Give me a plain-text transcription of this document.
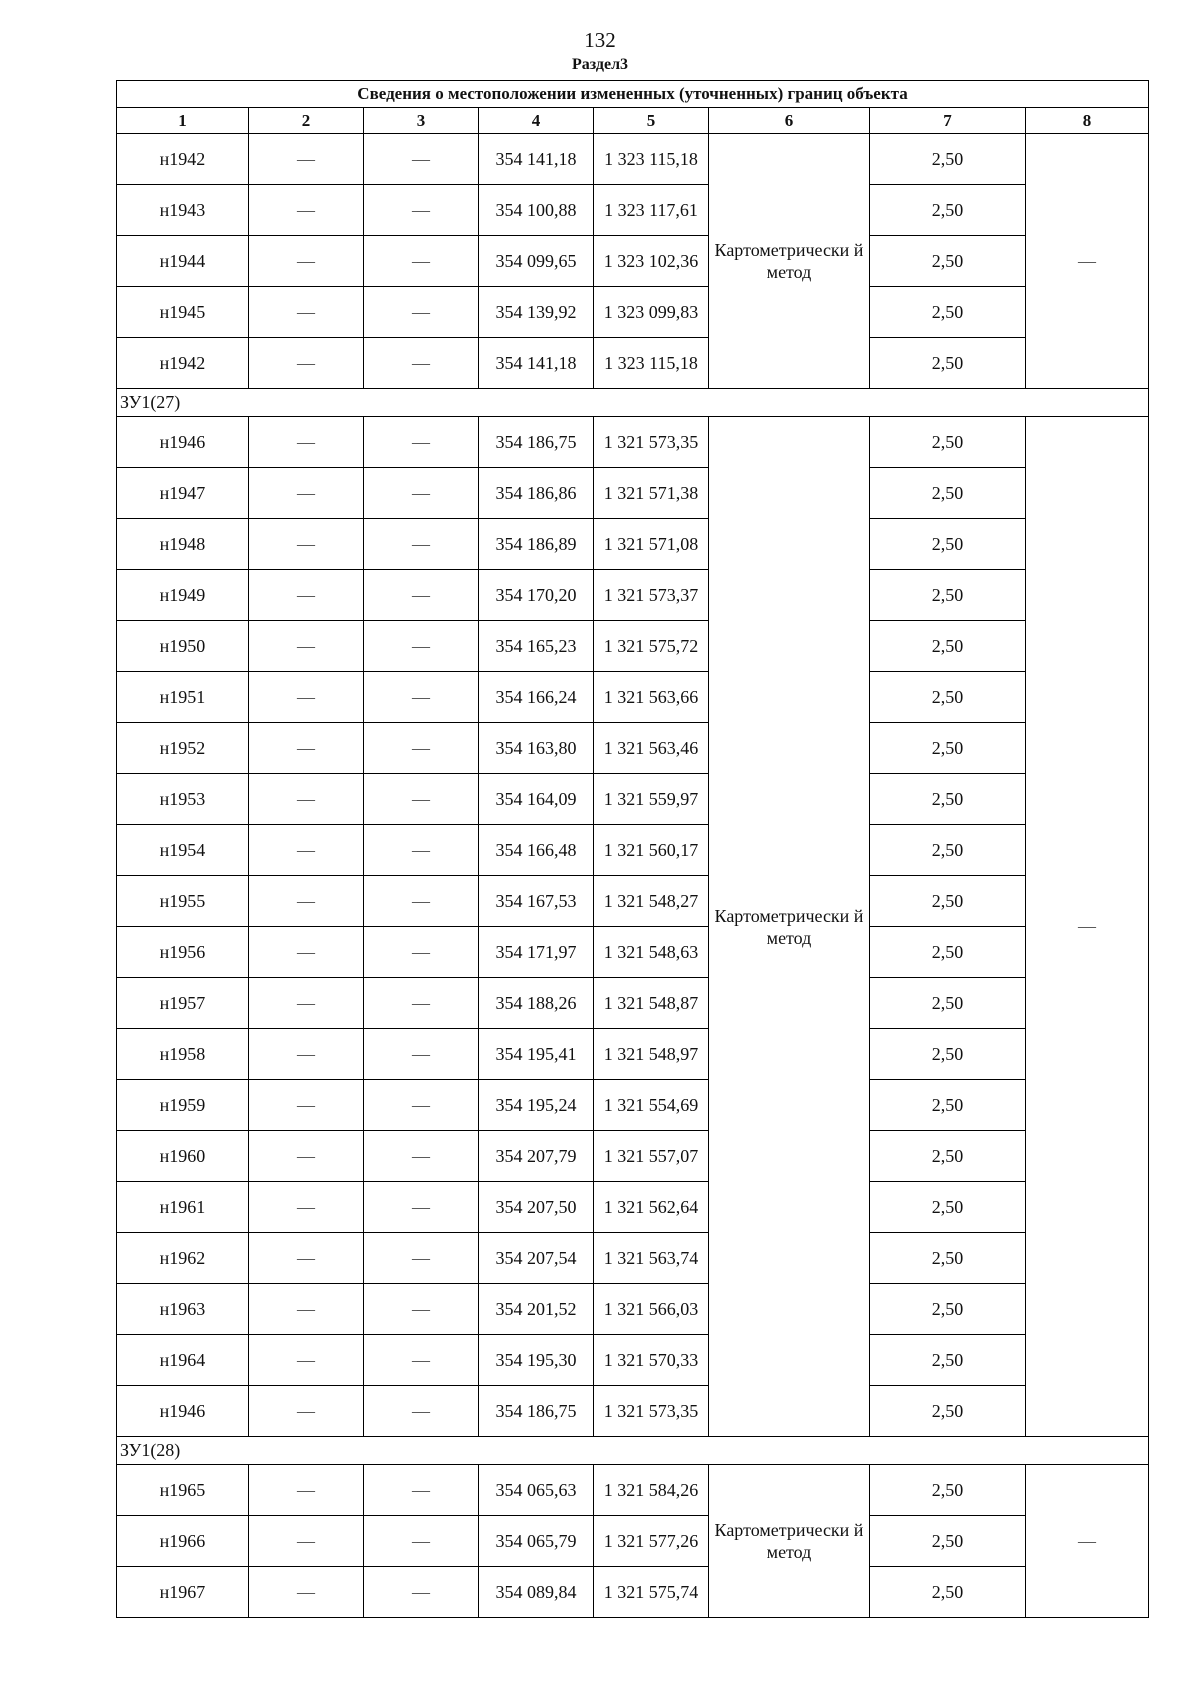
132
Раздел3
Сведения о местоположении измененных (уточненных) границ объекта							
1	2	3	4	5	6	7	8
н1942	—	—	354 141,18	1 323 115,18	Картометрически й метод	2,50	—
н1943	—	—	354 100,88	1 323 117,61		2,50	
н1944	—	—	354 099,65	1 323 102,36		2,50	
н1945	—	—	354 139,92	1 323 099,83		2,50	
н1942	—	—	354 141,18	1 323 115,18		2,50	
ЗУ1(27)							
н1946	—	—	354 186,75	1 321 573,35	Картометрически й метод	2,50	—
н1947	—	—	354 186,86	1 321 571,38		2,50	
н1948	—	—	354 186,89	1 321 571,08		2,50	
н1949	—	—	354 170,20	1 321 573,37		2,50	
н1950	—	—	354 165,23	1 321 575,72		2,50	
н1951	—	—	354 166,24	1 321 563,66		2,50	
н1952	—	—	354 163,80	1 321 563,46		2,50	
н1953	—	—	354 164,09	1 321 559,97		2,50	
н1954	—	—	354 166,48	1 321 560,17		2,50	
н1955	—	—	354 167,53	1 321 548,27		2,50	
н1956	—	—	354 171,97	1 321 548,63		2,50	
н1957	—	—	354 188,26	1 321 548,87		2,50	
н1958	—	—	354 195,41	1 321 548,97		2,50	
н1959	—	—	354 195,24	1 321 554,69		2,50	
н1960	—	—	354 207,79	1 321 557,07		2,50	
н1961	—	—	354 207,50	1 321 562,64		2,50	
н1962	—	—	354 207,54	1 321 563,74		2,50	
н1963	—	—	354 201,52	1 321 566,03		2,50	
н1964	—	—	354 195,30	1 321 570,33		2,50	
н1946	—	—	354 186,75	1 321 573,35		2,50	
ЗУ1(28)							
н1965	—	—	354 065,63	1 321 584,26	Картометрически й метод	2,50	—
н1966	—	—	354 065,79	1 321 577,26		2,50	
н1967	—	—	354 089,84	1 321 575,74		2,50	
